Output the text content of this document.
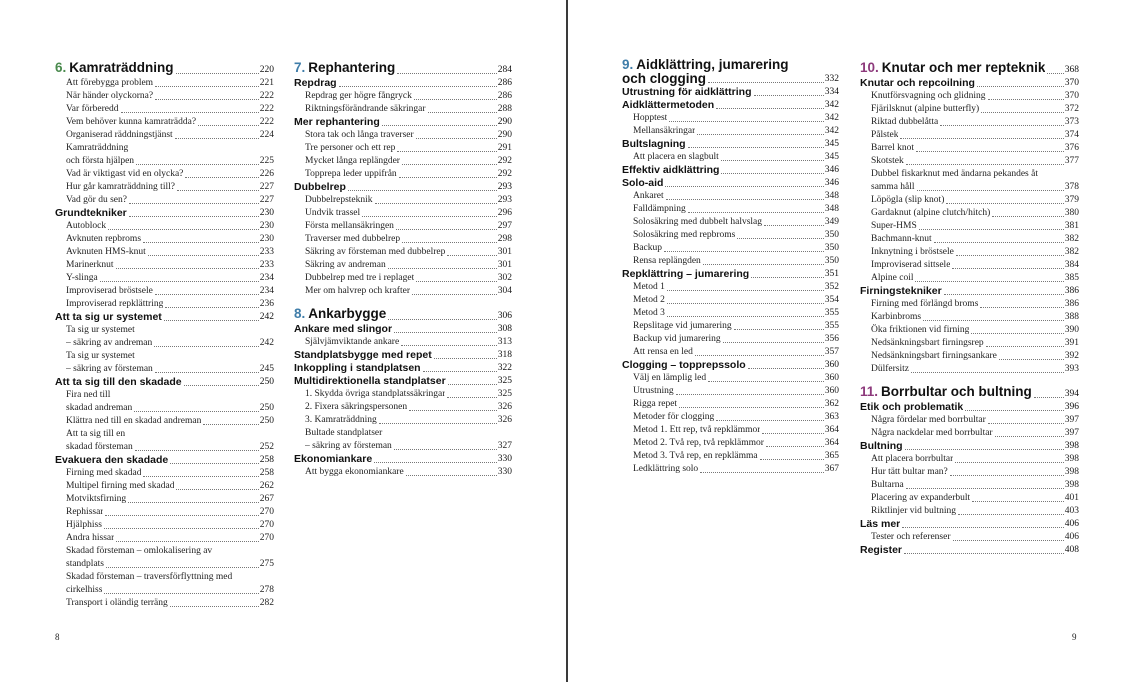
6. Kamraträddning	220
Att förebygga problem	221
När händer olyckorna?	222
Var förberedd	222
Vem behöver kunna kamraträdda?	222
Organiserad räddningstjänst	224
Kamraträddning
och första hjälpen	225
Vad är viktigast vid en olycka?	226
Hur går kamraträddning till?	227
Vad gör du sen?	227
Grundtekniker	230
Autoblock	230
Avknuten repbroms	230
Avknuten HMS-knut	233
Marinerknut	233
Y-slinga	234
Improviserad bröstsele	234
Improviserad repklättring	236
Att ta sig ur systemet	242
Ta sig ur systemet
– säkring av andreman	242
Ta sig ur systemet
– säkring av försteman	245
Att ta sig till den skadade	250
Fira ned till
skadad andreman	250
Klättra ned till en skadad andreman	250
Att ta sig till en
skadad försteman	252
Evakuera den skadade	258
Firning med skadad	258
Multipel firning med skadad	262
Motviktsfirning	267
Rephissar	270
Hjälphiss	270
Andra hissar	270
Skadad försteman – omlokalisering av
standplats	275
Skadad försteman – traversförflyttning med
cirkelhiss	278
Transport i oländig terräng	282
7. Rephantering	284
Repdrag	286
Repdrag ger högre fångryck	286
Riktningsförändrande säkringar	288
Mer rephantering	290
Stora tak och långa traverser	290
Tre personer och ett rep	291
Mycket långa replängder	292
Topprepa leder uppifrån	292
Dubbelrep	293
Dubbelrepsteknik	293
Undvik trassel	296
Första mellansäkringen	297
Traverser med dubbelrep	298
Säkring av försteman med dubbelrep	301
Säkring av andreman	301
Dubbelrep med tre i replaget	302
Mer om halvrep och krafter	304
8. Ankarbygge	306
Ankare med slingor	308
Självjämviktande ankare	313
Standplatsbygge med repet	318
Inkoppling i standplatsen	322
Multidirektionella standplatser	325
1. Skydda övriga standplatssäkringar	325
2. Fixera säkringspersonen	326
3. Kamraträddning	326
Bultade standplatser
– säkring av försteman	327
Ekonomiankare	330
Att bygga ekonomiankare	330
9. Aidklättring, jumarering
och clogging	332
Utrustning för aidklättring	334
Aidklättermetoden	342
Hopptest	342
Mellansäkringar	342
Bultslagning	345
Att placera en slagbult	345
Effektiv aidklättring	346
Solo-aid	346
Ankaret	348
Falldämpning	348
Solosäkring med dubbelt halvslag	349
Solosäkring med repbroms	350
Backup	350
Rensa replängden	350
Repklättring – jumarering	351
Metod 1	352
Metod 2	354
Metod 3	355
Repslitage vid jumarering	355
Backup vid jumarering	356
Att rensa en led	357
Clogging – topprepssolo	360
Välj en lämplig led	360
Utrustning	360
Rigga repet	362
Metoder för clogging	363
Metod 1. Ett rep, två repklämmor	364
Metod 2. Två rep, två repklämmor	364
Metod 3. Två rep, en repklämma	365
Ledklättring solo	367
10. Knutar och mer repteknik 368
Knutar och repcoilning	370
Knutförsvagning och glidning	370
Fjärilsknut (alpine butterfly)	372
Riktad dubbelåtta	373
Pålstek	374
Barrel knot	376
Skotstek	377
Dubbel fiskarknut med ändarna pekandes åt
samma håll	378
Löpögla (slip knot)	379
Gardaknut (alpine clutch/hitch)	380
Super-HMS	381
Bachmann-knut	382
Inknytning i bröstsele	382
Improviserad sittsele	384
Alpine coil	385
Firningstekniker	386
Firning med förlängd broms	386
Karbinbroms	388
Öka friktionen vid firning	390
Nedsänkningsbart firningsrep	391
Nedsänkningsbart firningsankare	392
Dülfersitz	393
11. Borrbultar och bultning	394
Etik och problematik	396
Några fördelar med borrbultar	397
Några nackdelar med borrbultar	397
Bultning	398
Att placera borrbultar	398
Hur tätt bultar man?	398
Bultarna	398
Placering av expanderbult	401
Riktlinjer vid bultning	403
Läs mer	406
Tester och referenser	406
Register	408
8	9
